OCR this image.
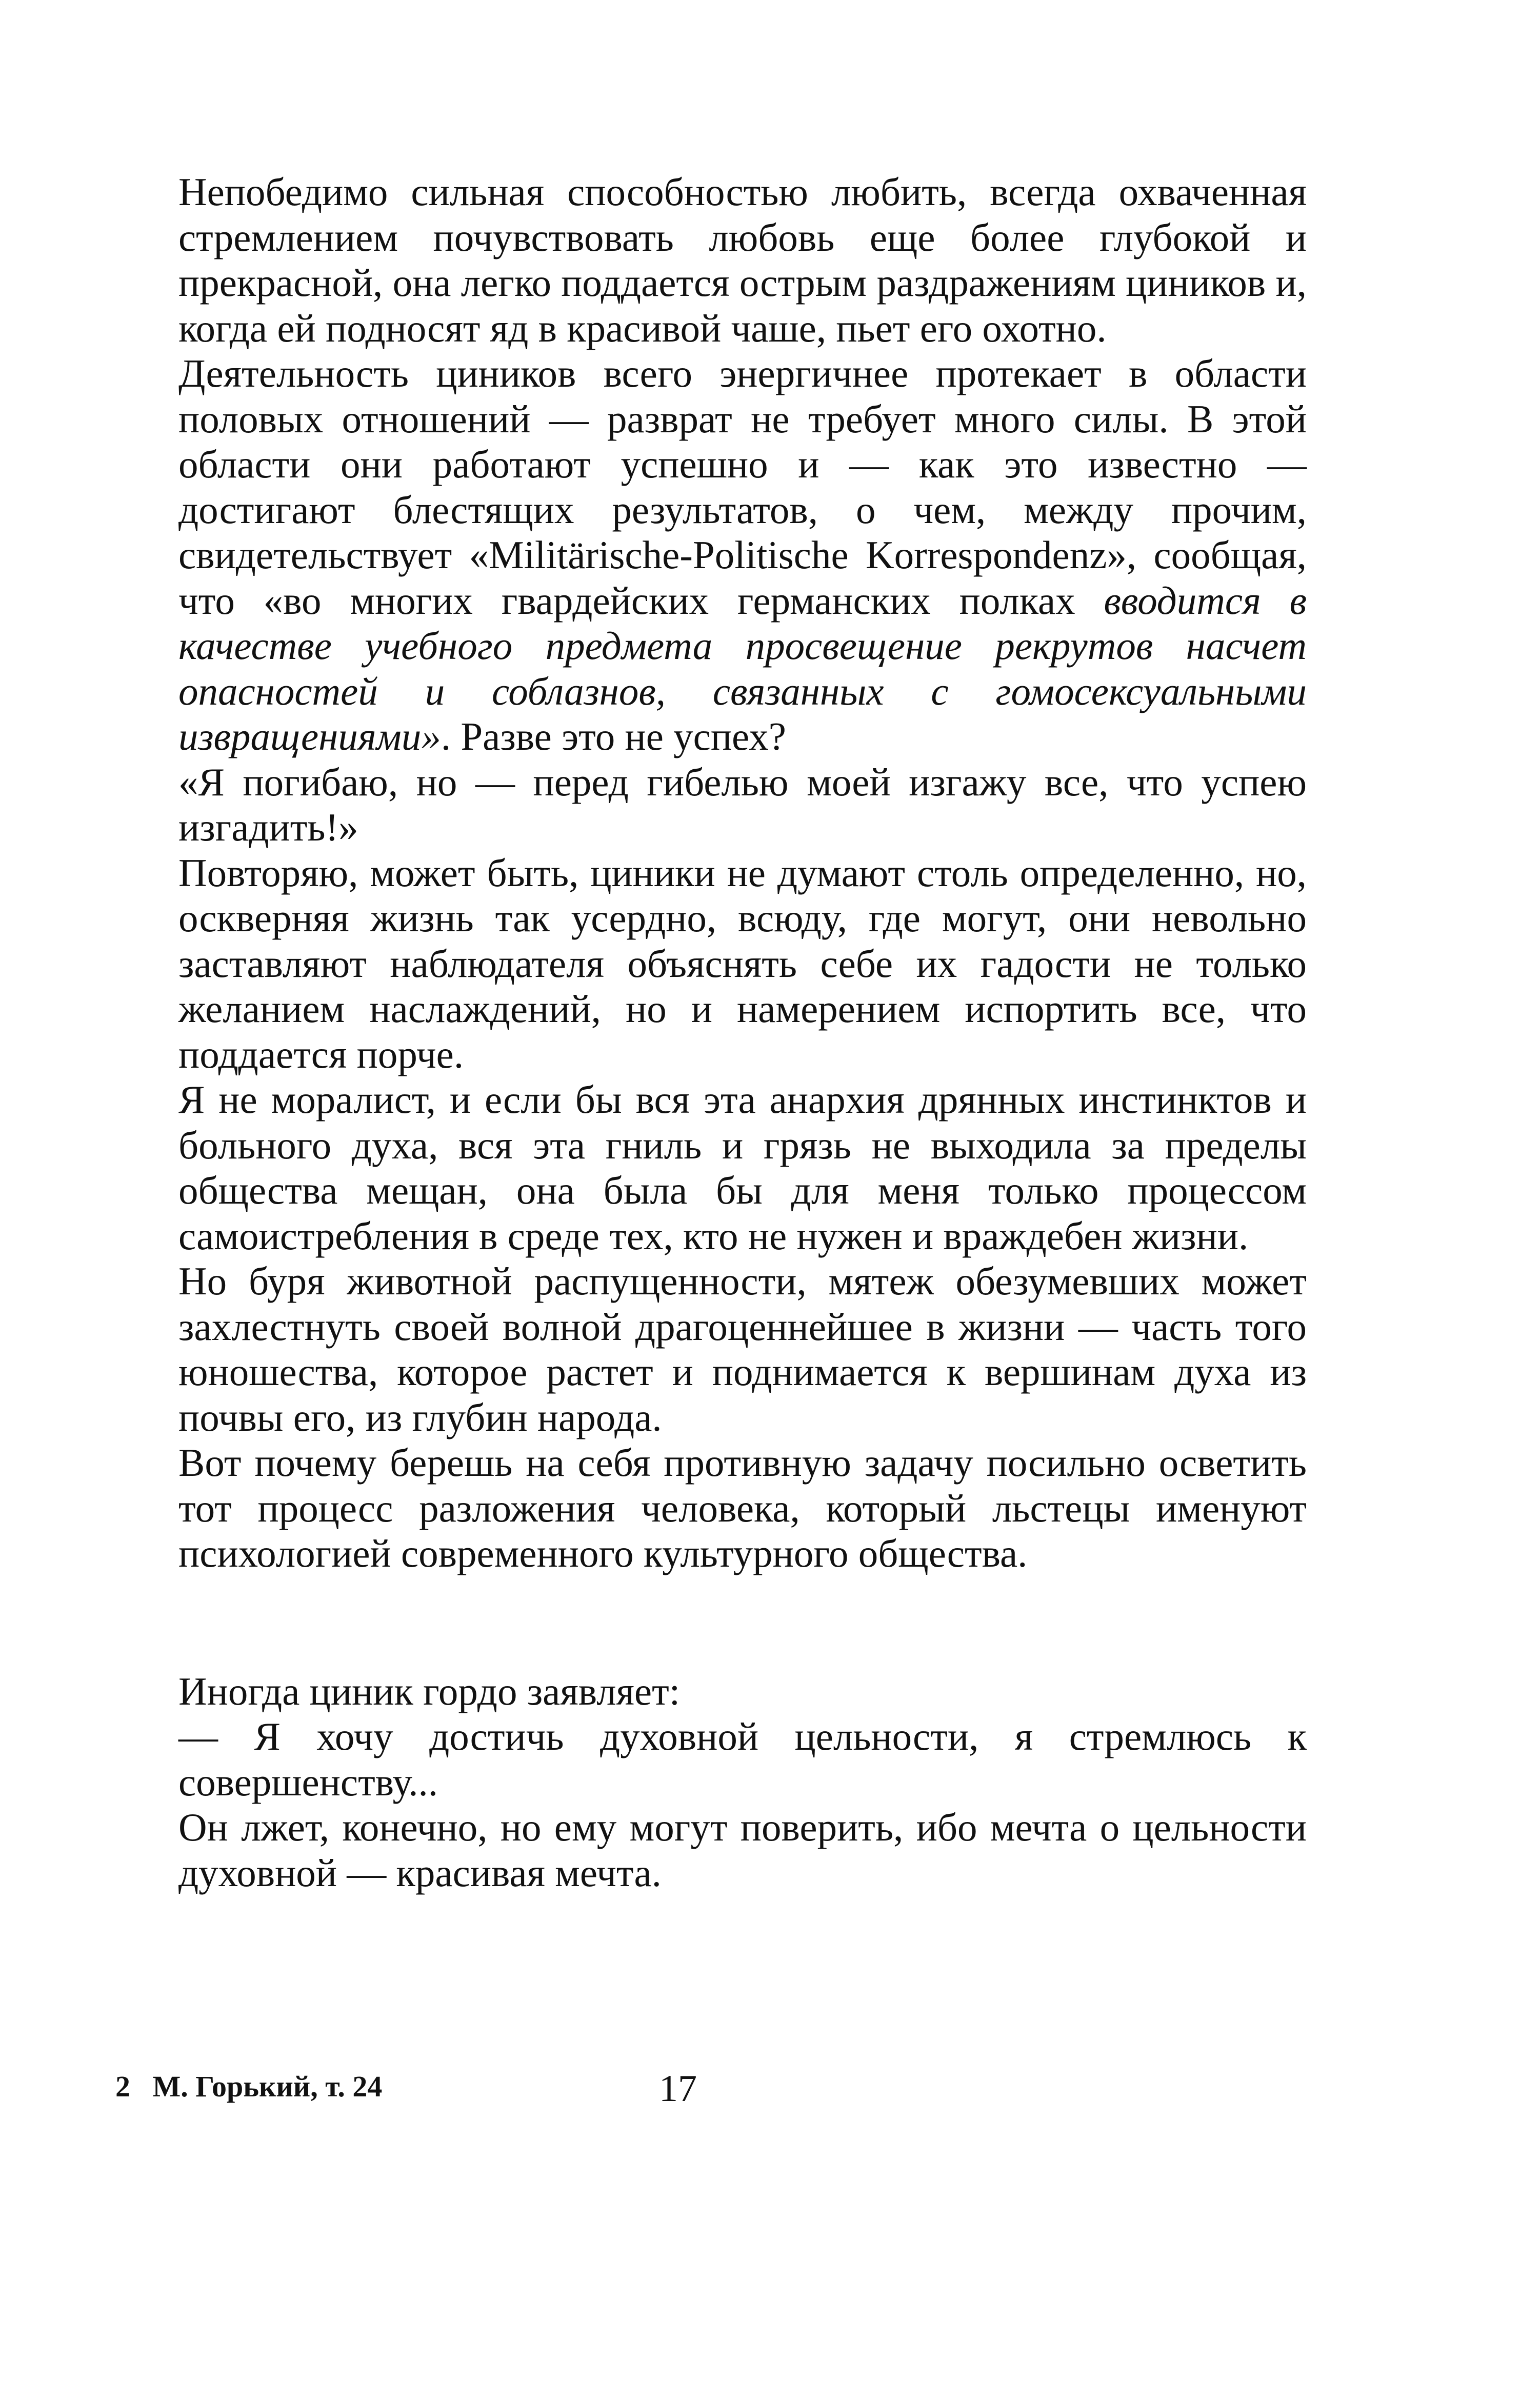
Непобедимо сильная способностью любить, всегда охваченная стремлением почувствовать любовь еще более глубокой и прекрасной, она легко поддается острым раздражениям циников и, когда ей подносят яд в красивой чаше, пьет его охотно.

Деятельность циников всего энергичнее протекает в области половых отношений — разврат не требует много силы. В этой области они работают успешно и — как это известно — достигают блестящих результатов, о чем, между прочим, свидетельствует «Militärische-Politische Korrespondenz», сообщая, что «во многих гвардейских германских полках вводится в качестве учебного предмета просвещение рекрутов насчет опасностей и соблазнов, связанных с гомосексуальными извращениями». Разве это не успех?

«Я погибаю, но — перед гибелью моей изгажу все, что успею изгадить!»

Повторяю, может быть, циники не думают столь определенно, но, оскверняя жизнь так усердно, всюду, где могут, они невольно заставляют наблюдателя объяснять себе их гадости не только желанием наслаждений, но и намерением испортить все, что поддается порче.

Я не моралист, и если бы вся эта анархия дрянных инстинктов и больного духа, вся эта гниль и грязь не выходила за пределы общества мещан, она была бы для меня только процессом самоистребления в среде тех, кто не нужен и враждебен жизни.

Но буря животной распущенности, мятеж обезумевших может захлестнуть своей волной драгоценнейшее в жизни — часть того юношества, которое растет и поднимается к вершинам духа из почвы его, из глубин народа.

Вот почему берешь на себя противную задачу посильно осветить тот процесс разложения человека, который льстецы именуют психологией современного культурного общества.

Иногда циник гордо заявляет:

— Я хочу достичь духовной цельности, я стремлюсь к совершенству...

Он лжет, конечно, но ему могут поверить, ибо мечта о цельности духовной — красивая мечта.

2   М. Горький, т. 24	17
